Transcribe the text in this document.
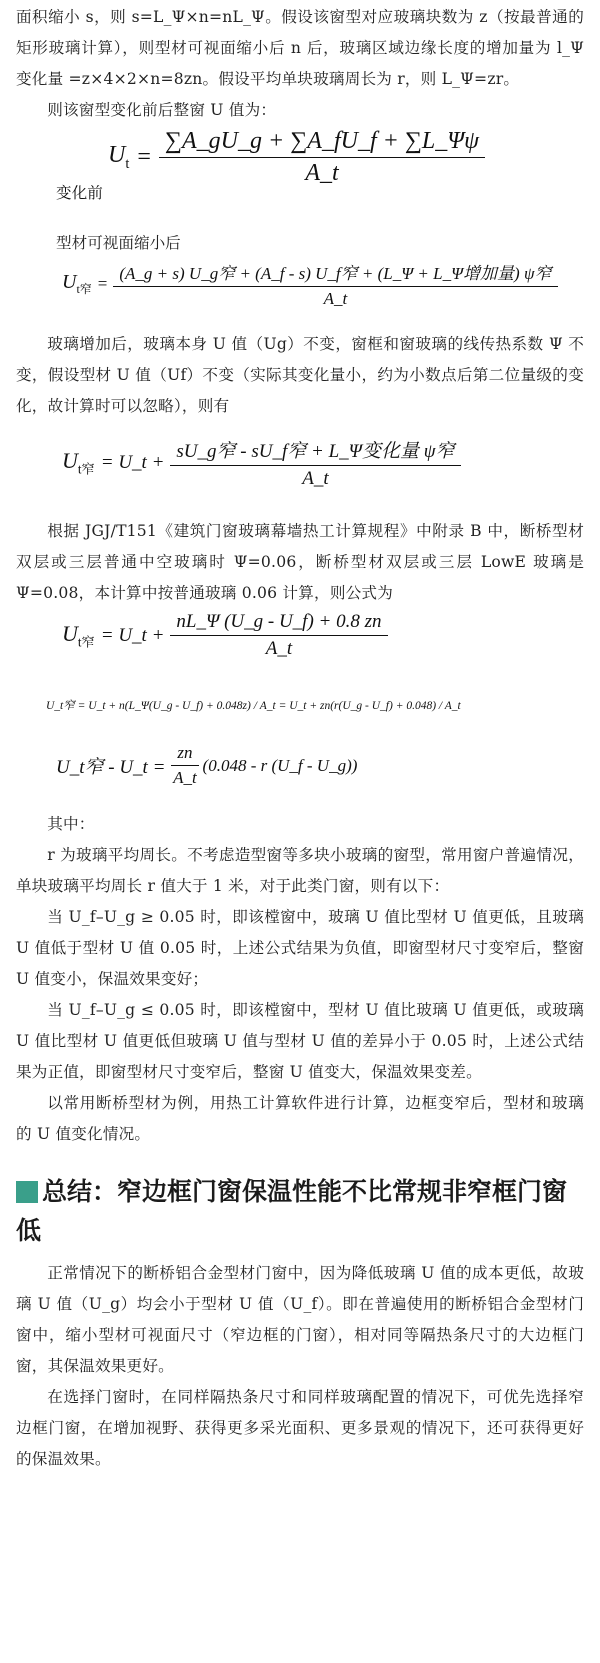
面积缩小 s，则 s=L_Ψ×n=nL_Ψ。假设该窗型对应玻璃块数为 z（按最普通的矩形玻璃计算），则型材可视面缩小后 n 后，玻璃区域边缘长度的增加量为 l_Ψ 变化量 =z×4×2×n=8zn。假设平均单块玻璃周长为 r，则 L_Ψ=zr。

则该窗型变化前后整窗 U 值为：

$U_t = \frac{\sum A\_gU\_g + \sum A\_fU\_f + \sum L\_\Psi\psi}{A\_t}$
变化前
型材可视面缩小后
$U_{t窄} = \frac{\text{(A\_g + s) U\_g窄 + (A\_f - s) U\_f窄 + (L\_Ψ + L\_Ψ增加量) ψ窄}}{A\_t}$

玻璃增加后，玻璃本身 U 值（Ug）不变，窗框和窗玻璃的线传热系数 Ψ 不变，假设型材 U 值（Uf）不变（实际其变化量小，约为小数点后第二位量级的变化，故计算时可以忽略），则有

$U_{t窄}$ = U_t + $\frac{\text{sU\_g窄 - sU\_f窄 + L\_Ψ变化量 ψ窄}}{A\_t}$

根据 JGJ/T151《建筑门窗玻璃幕墙热工计算规程》中附录 B 中，断桥型材双层或三层普通中空玻璃时 Ψ=0.06，断桥型材双层或三层 LowE 玻璃是 Ψ=0.08，本计算中按普通玻璃 0.06 计算，则公式为

$U_{t窄}$ = U_t + $\frac{nL\_\Psi (U\_g - U\_f) + 0.8 zn}{A\_t}$
U_t窄 = U_t + n(L_Ψ(U_g - U_f) + 0.048z) / A_t = U_t + zn(r(U_g - U_f) + 0.048) / A_t
U_t窄 - U_t = $\frac{zn}{A\_t} (0.048$ - r (U_f - U_g))

其中：

r 为玻璃平均周长。不考虑造型窗等多块小玻璃的窗型，常用窗户普遍情况，单块玻璃平均周长 r 值大于 1 米，对于此类门窗，则有以下：

当 U_f–U_g ≥ 0.05 时，即该樘窗中，玻璃 U 值比型材 U 值更低，且玻璃 U 值低于型材 U 值 0.05 时，上述公式结果为负值，即窗型材尺寸变窄后，整窗 U 值变小，保温效果变好；

当 U_f–U_g ≤ 0.05 时，即该樘窗中，型材 U 值比玻璃 U 值更低，或玻璃 U 值比型材 U 值更低但玻璃 U 值与型材 U 值的差异小于 0.05 时，上述公式结果为正值，即窗型材尺寸变窄后，整窗 U 值变大，保温效果变差。

以常用断桥型材为例，用热工计算软件进行计算，边框变窄后，型材和玻璃的 U 值变化情况。

总结：窄边框门窗保温性能不比常规非窄框门窗低

正常情况下的断桥铝合金型材门窗中，因为降低玻璃 U 值的成本更低，故玻璃 U 值（U_g）均会小于型材 U 值（U_f）。即在普遍使用的断桥铝合金型材门窗中，缩小型材可视面尺寸（窄边框的门窗），相对同等隔热条尺寸的大边框门窗，其保温效果更好。

在选择门窗时，在同样隔热条尺寸和同样玻璃配置的情况下，可优先选择窄边框门窗，在增加视野、获得更多采光面积、更多景观的情况下，还可获得更好的保温效果。
